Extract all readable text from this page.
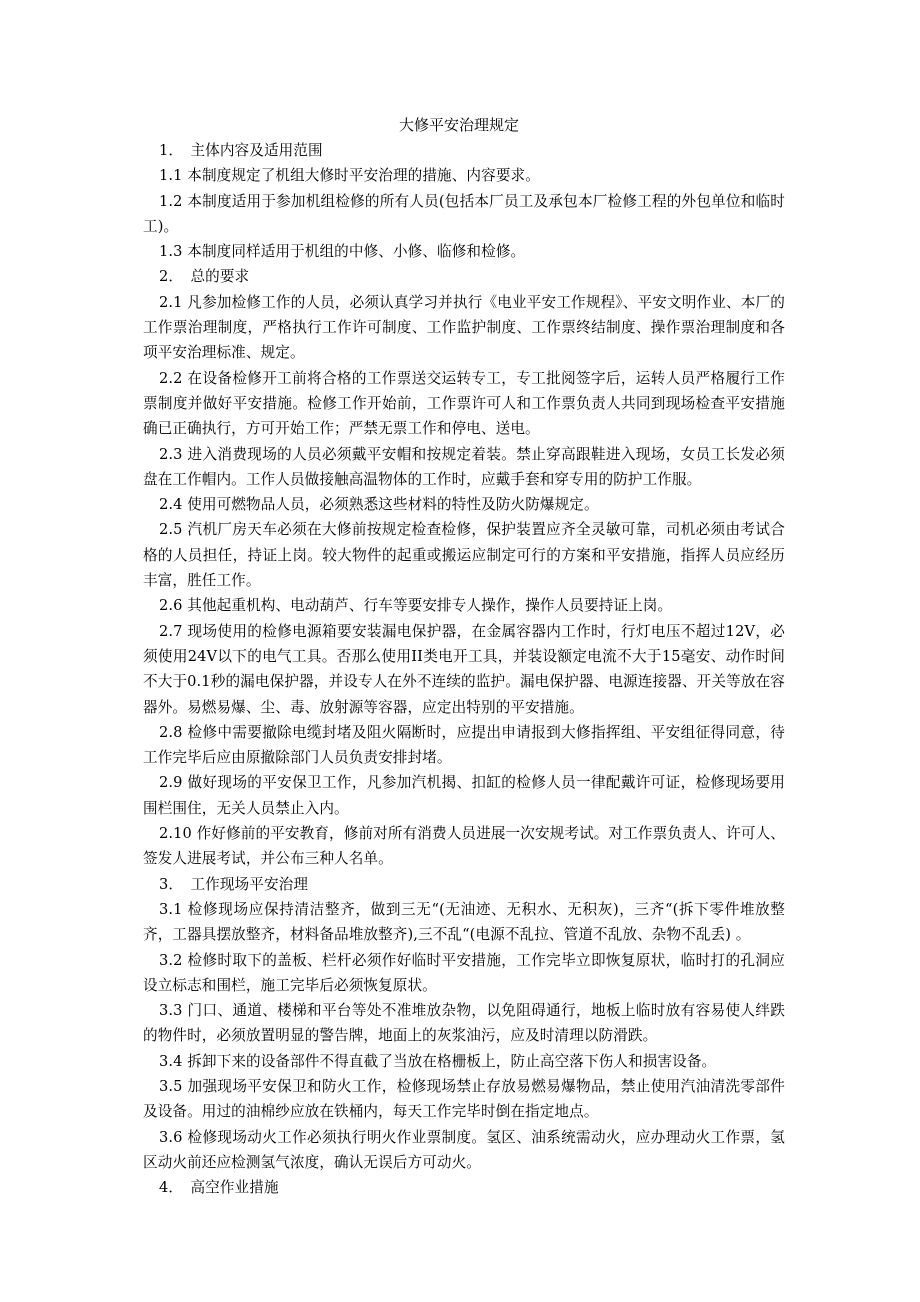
大修平安治理规定

1．　主体内容及适用范围

1.1 本制度规定了机组大修时平安治理的措施、内容要求。

1.2 本制度适用于参加机组检修的所有人员(包括本厂员工及承包本厂检修工程的外包单位和临时工)。

1.3 本制度同样适用于机组的中修、小修、临修和检修。

2．　总的要求

2.1 凡参加检修工作的人员，必须认真学习并执行《电业平安工作规程》、平安文明作业、本厂的工作票治理制度，严格执行工作许可制度、工作监护制度、工作票终结制度、操作票治理制度和各项平安治理标准、规定。

2.2 在设备检修开工前将合格的工作票送交运转专工，专工批阅签字后，运转人员严格履行工作票制度并做好平安措施。检修工作开始前，工作票许可人和工作票负责人共同到现场检查平安措施确已正确执行，方可开始工作；严禁无票工作和停电、送电。

2.3 进入消费现场的人员必须戴平安帽和按规定着装。禁止穿高跟鞋进入现场，女员工长发必须盘在工作帽内。工作人员做接触高温物体的工作时，应戴手套和穿专用的防护工作服。

2.4 使用可燃物品人员，必须熟悉这些材料的特性及防火防爆规定。

2.5 汽机厂房天车必须在大修前按规定检查检修，保护装置应齐全灵敏可靠，司机必须由考试合格的人员担任，持证上岗。较大物件的起重或搬运应制定可行的方案和平安措施，指挥人员应经历丰富，胜任工作。

2.6 其他起重机构、电动葫芦、行车等要安排专人操作，操作人员要持证上岗。

2.7 现场使用的检修电源箱要安装漏电保护器，在金属容器内工作时，行灯电压不超过12V，必须使用24V以下的电气工具。否那么使用II类电开工具，并装设额定电流不大于15毫安、动作时间不大于0.1秒的漏电保护器，并设专人在外不连续的监护。漏电保护器、电源连接器、开关等放在容器外。易燃易爆、尘、毒、放射源等容器，应定出特别的平安措施。

2.8 检修中需要撤除电缆封堵及阻火隔断时，应提出申请报到大修指挥组、平安组征得同意，待工作完毕后应由原撤除部门人员负责安排封堵。

2.9 做好现场的平安保卫工作，凡参加汽机揭、扣缸的检修人员一律配戴许可证，检修现场要用围栏围住，无关人员禁止入内。

2.10 作好修前的平安教育，修前对所有消费人员进展一次安规考试。对工作票负责人、许可人、签发人进展考试，并公布三种人名单。

3．　工作现场平安治理

3.1 检修现场应保持清洁整齐，做到三无“(无油迹、无积水、无积灰)，三齐“(拆下零件堆放整齐，工器具摆放整齐，材料备品堆放整齐),三不乱“(电源不乱拉、管道不乱放、杂物不乱丢) 。

3.2 检修时取下的盖板、栏杆必须作好临时平安措施，工作完毕立即恢复原状，临时打的孔洞应设立标志和围栏，施工完毕后必须恢复原状。

3.3 门口、通道、楼梯和平台等处不准堆放杂物，以免阻碍通行，地板上临时放有容易使人绊跌的物件时，必须放置明显的警告牌，地面上的灰浆油污，应及时清理以防滑跌。

3.4 拆卸下来的设备部件不得直截了当放在格栅板上，防止高空落下伤人和损害设备。

3.5 加强现场平安保卫和防火工作，检修现场禁止存放易燃易爆物品，禁止使用汽油清洗零部件及设备。用过的油棉纱应放在铁桶内，每天工作完毕时倒在指定地点。

3.6 检修现场动火工作必须执行明火作业票制度。氢区、油系统需动火，应办理动火工作票，氢区动火前还应检测氢气浓度，确认无误后方可动火。

4．　高空作业措施
